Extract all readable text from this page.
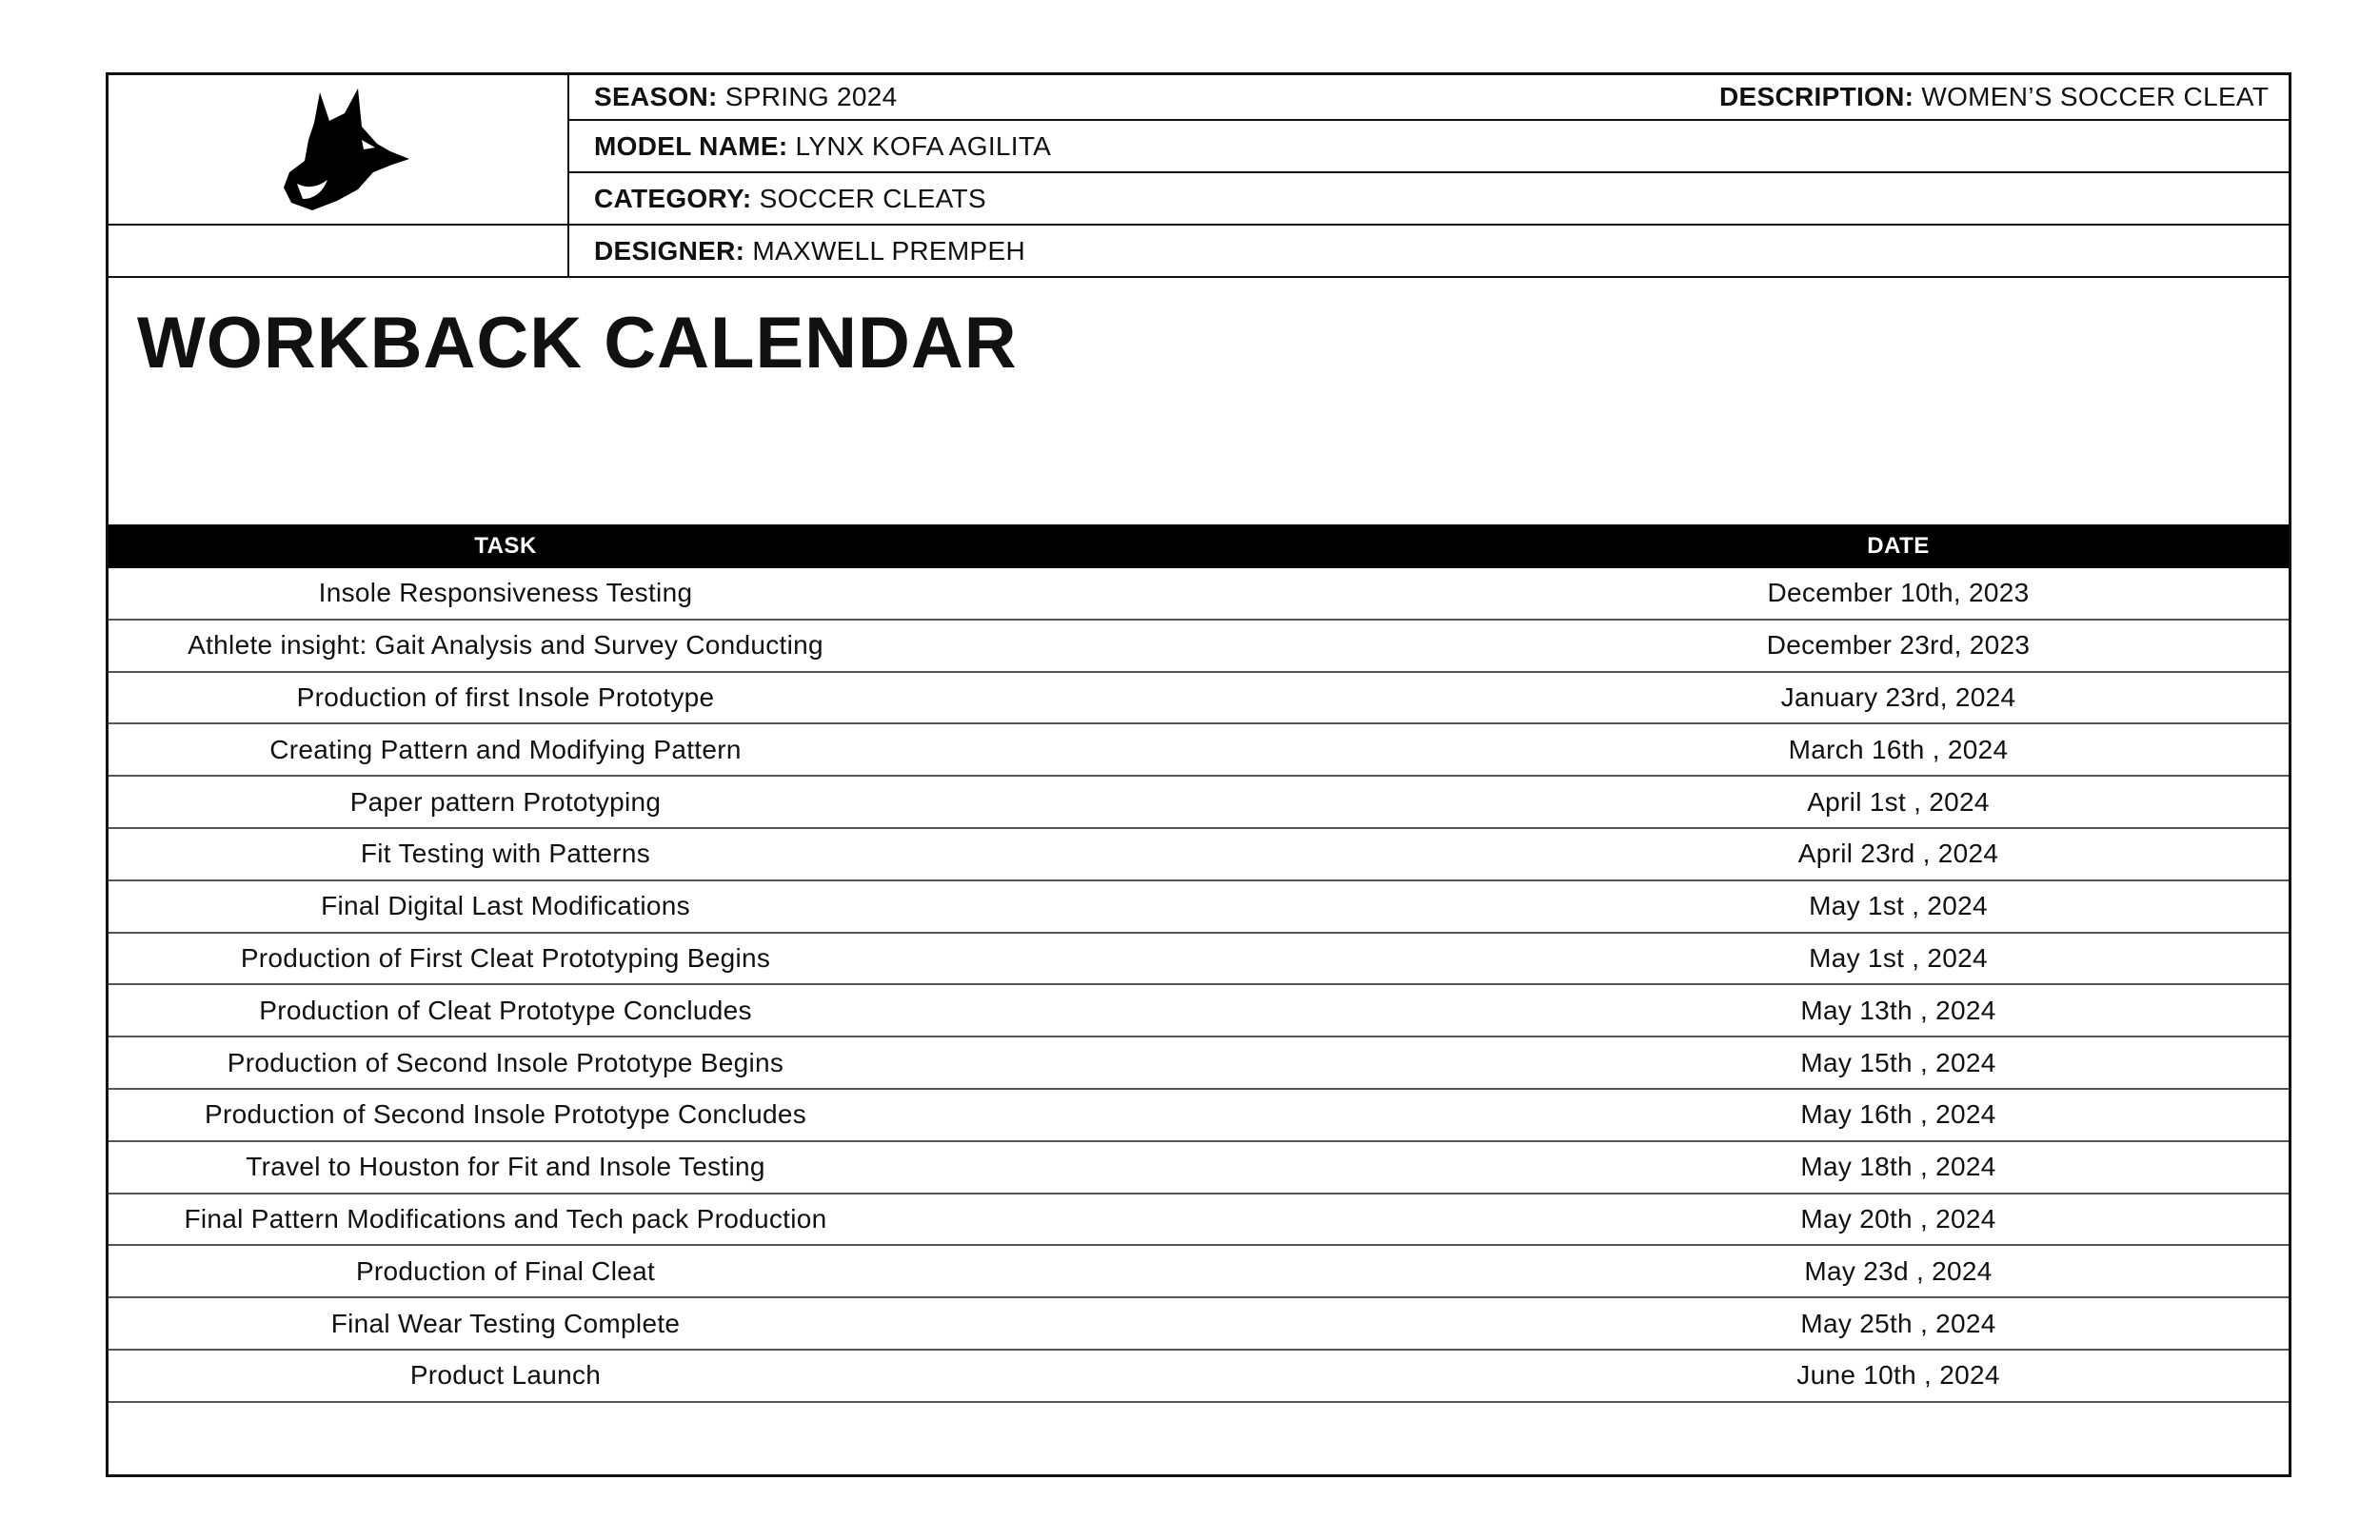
SEASON: SPRING 2024	DESCRIPTION: WOMEN’S SOCCER CLEAT
MODEL NAME: LYNX KOFA AGILITA
CATEGORY: SOCCER CLEATS
DESIGNER: MAXWELL PREMPEH
WORKBACK CALENDAR
TASK	DATE
Insole Responsiveness Testing	December 10th, 2023
Athlete insight: Gait Analysis and Survey Conducting	December 23rd, 2023
Production of first Insole Prototype	January 23rd, 2024
Creating Pattern and Modifying Pattern	March 16th , 2024
Paper pattern Prototyping	April 1st , 2024
Fit Testing with Patterns	April 23rd , 2024
Final Digital Last Modifications	May 1st , 2024
Production of First Cleat Prototyping Begins	May 1st , 2024
Production of Cleat Prototype Concludes	May 13th , 2024
Production of Second Insole Prototype Begins	May 15th , 2024
Production of Second Insole Prototype Concludes	May 16th , 2024
Travel to Houston for Fit and Insole Testing	May 18th , 2024
Final Pattern Modifications and Tech pack Production	May 20th , 2024
Production of Final Cleat	May 23d , 2024
Final Wear Testing Complete	May 25th , 2024
Product Launch	June 10th , 2024
